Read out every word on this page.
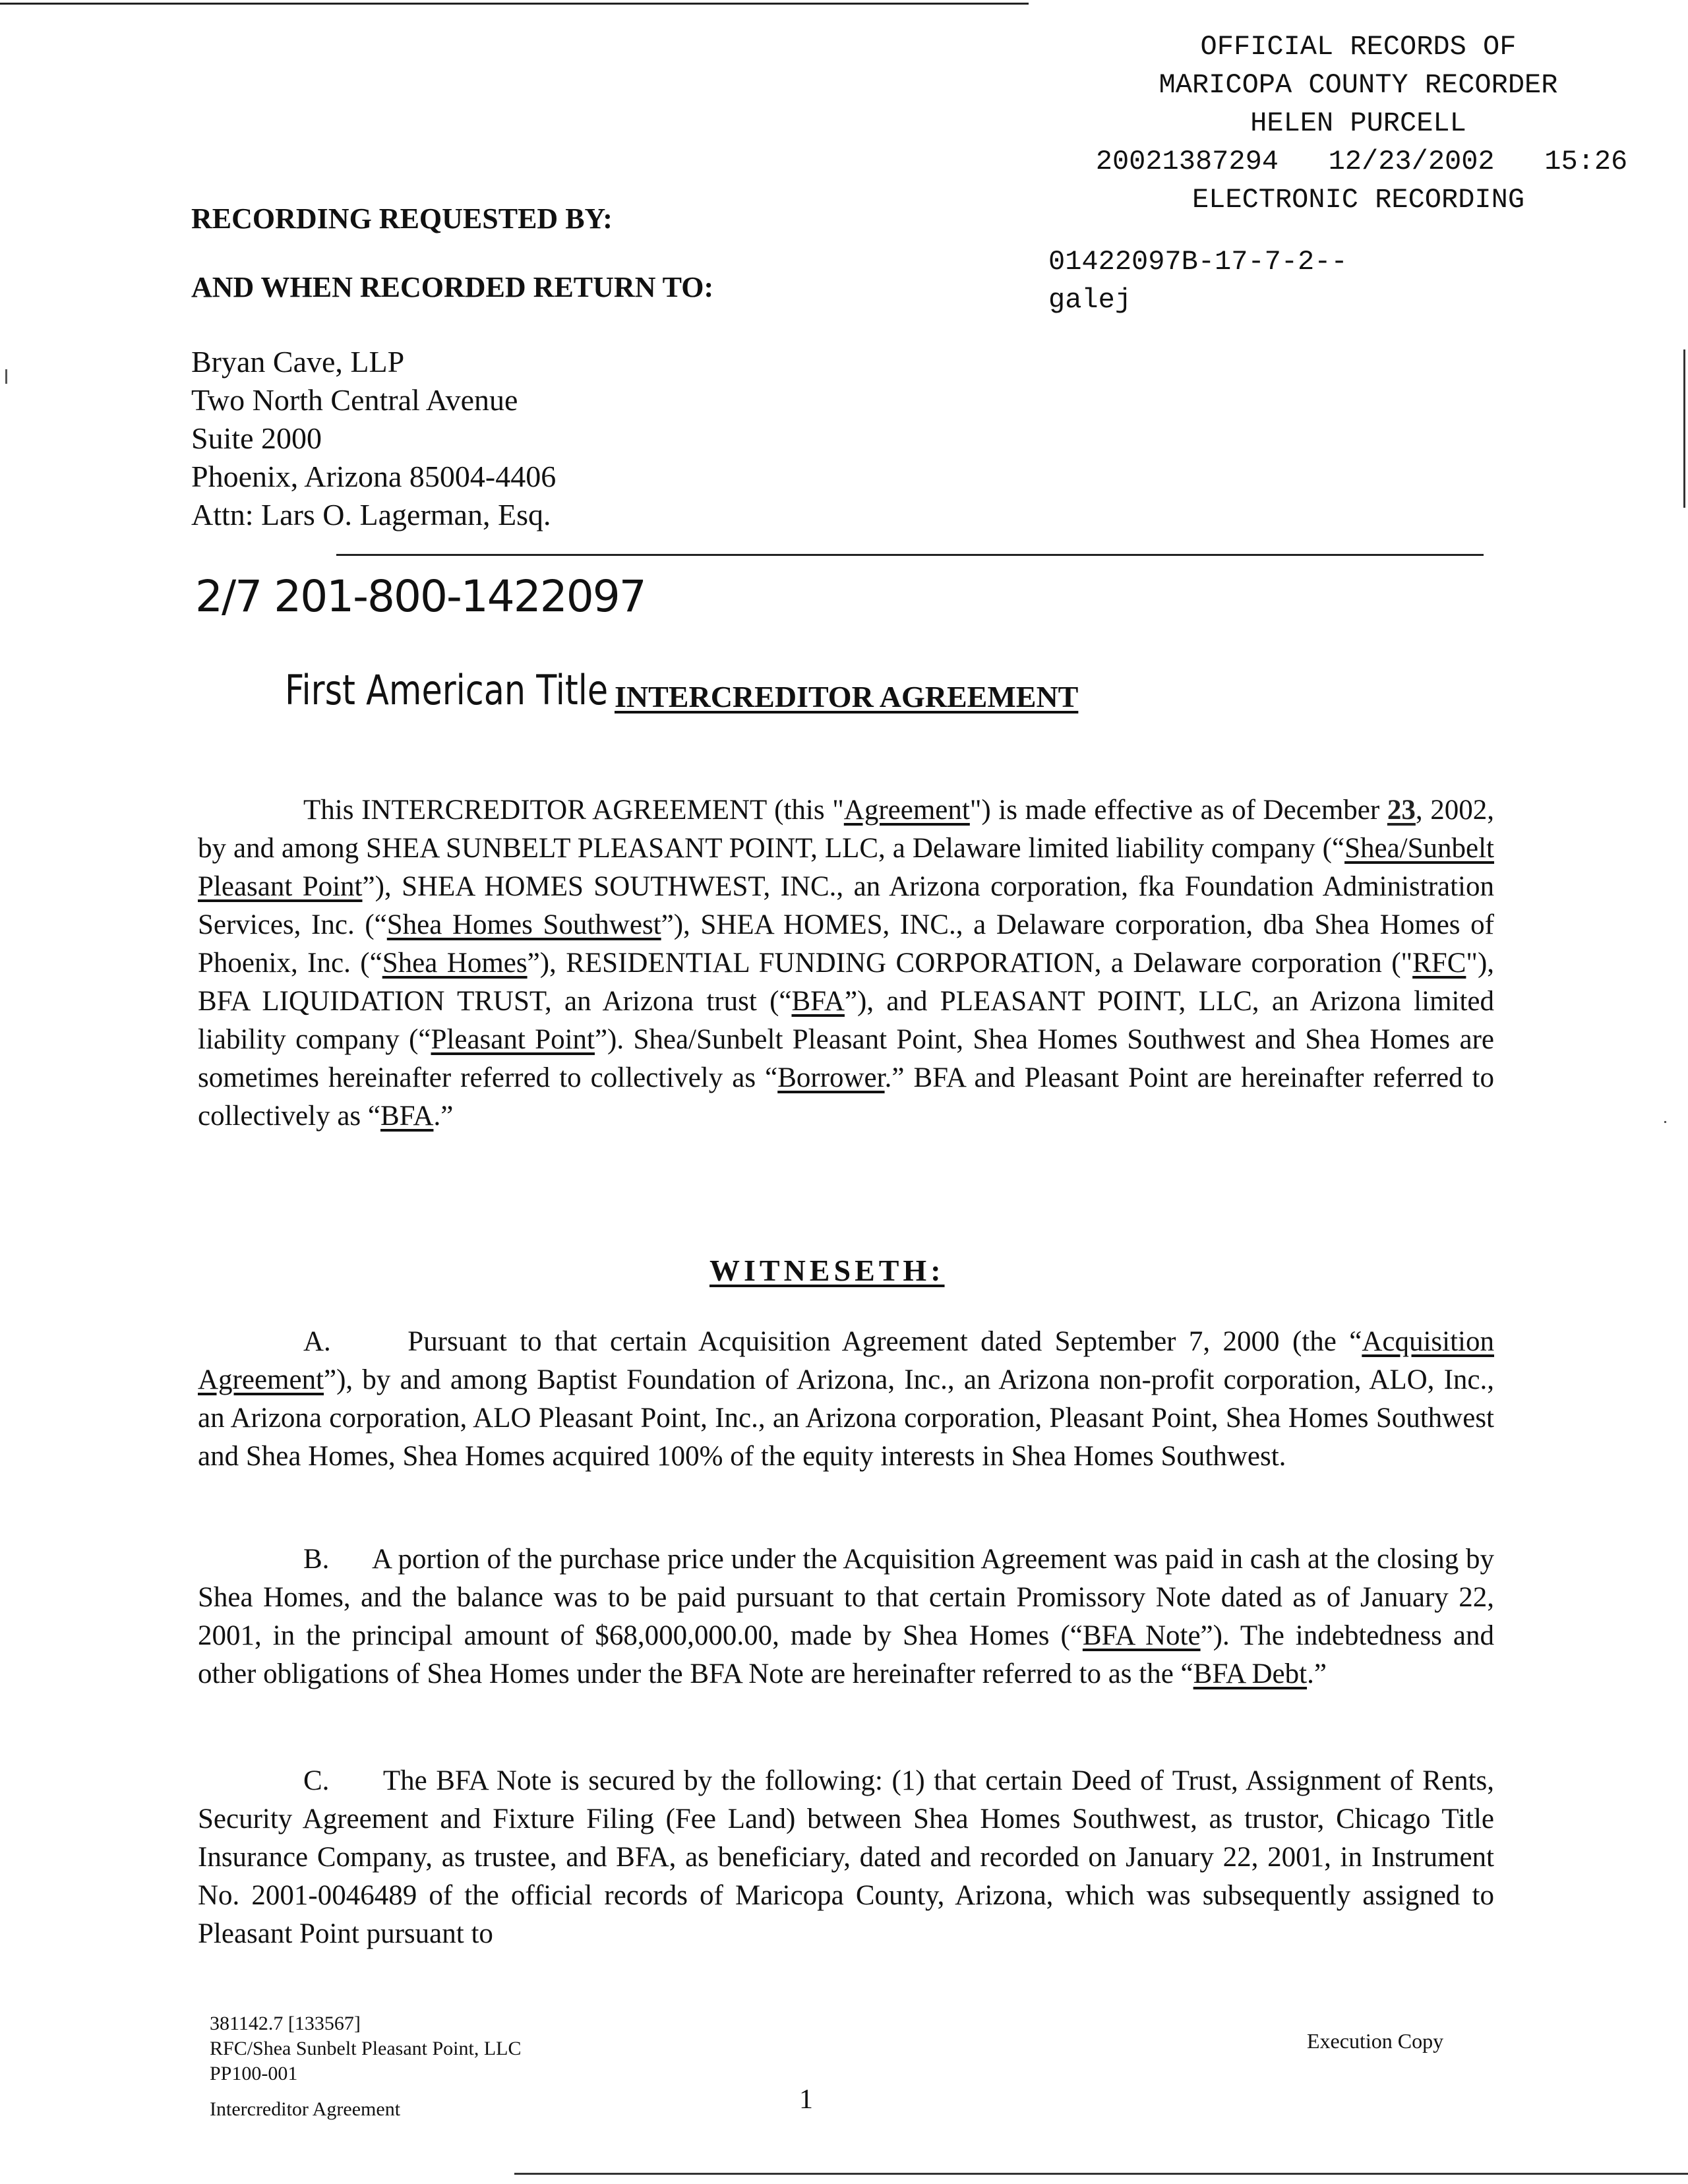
OFFICIAL RECORDS OF
MARICOPA COUNTY RECORDER
HELEN PURCELL
20021387294   12/23/2002   15:26
ELECTRONIC RECORDING
01422097B-17-7-2--
galej
RECORDING REQUESTED BY:
AND WHEN RECORDED RETURN TO:
Bryan Cave, LLP
Two North Central Avenue
Suite 2000
Phoenix, Arizona 85004-4406
Attn: Lars O. Lagerman, Esq.
2/7 201-800-1422097
First American Title INTERCREDITOR AGREEMENT

This INTERCREDITOR AGREEMENT (this "Agreement") is made effective as of December 23, 2002, by and among SHEA SUNBELT PLEASANT POINT, LLC, a Delaware limited liability company (“Shea/Sunbelt Pleasant Point”), SHEA HOMES SOUTHWEST, INC., an Arizona corporation, fka Foundation Administration Services, Inc. (“Shea Homes Southwest”), SHEA HOMES, INC., a Delaware corporation, dba Shea Homes of Phoenix, Inc. (“Shea Homes”), RESIDENTIAL FUNDING CORPORATION, a Delaware corporation ("RFC"), BFA LIQUIDATION TRUST, an Arizona trust (“BFA”), and PLEASANT POINT, LLC, an Arizona limited liability company (“Pleasant Point”). Shea/Sunbelt Pleasant Point, Shea Homes Southwest and Shea Homes are sometimes hereinafter referred to collectively as “Borrower.” BFA and Pleasant Point are hereinafter referred to collectively as “BFA.”

WITNESETH:

A.	Pursuant to that certain Acquisition Agreement dated September 7, 2000 (the “Acquisition Agreement”), by and among Baptist Foundation of Arizona, Inc., an Arizona non-profit corporation, ALO, Inc., an Arizona corporation, ALO Pleasant Point, Inc., an Arizona corporation, Pleasant Point, Shea Homes Southwest and Shea Homes, Shea Homes acquired 100% of the equity interests in Shea Homes Southwest.

B. A portion of the purchase price under the Acquisition Agreement was paid in cash at the closing by Shea Homes, and the balance was to be paid pursuant to that certain Promissory Note dated as of January 22, 2001, in the principal amount of $68,000,000.00, made by Shea Homes (“BFA Note”). The indebtedness and other obligations of Shea Homes under the BFA Note are hereinafter referred to as the “BFA Debt.”

C. The BFA Note is secured by the following: (1) that certain Deed of Trust, Assignment of Rents, Security Agreement and Fixture Filing (Fee Land) between Shea Homes Southwest, as trustor, Chicago Title Insurance Company, as trustee, and BFA, as beneficiary, dated and recorded on January 22, 2001, in Instrument No. 2001-0046489 of the official records of Maricopa County, Arizona, which was subsequently assigned to Pleasant Point pursuant to

381142.7 [133567]
RFC/Shea Sunbelt Pleasant Point, LLC
PP100-001
Intercreditor Agreement	1
Execution Copy
